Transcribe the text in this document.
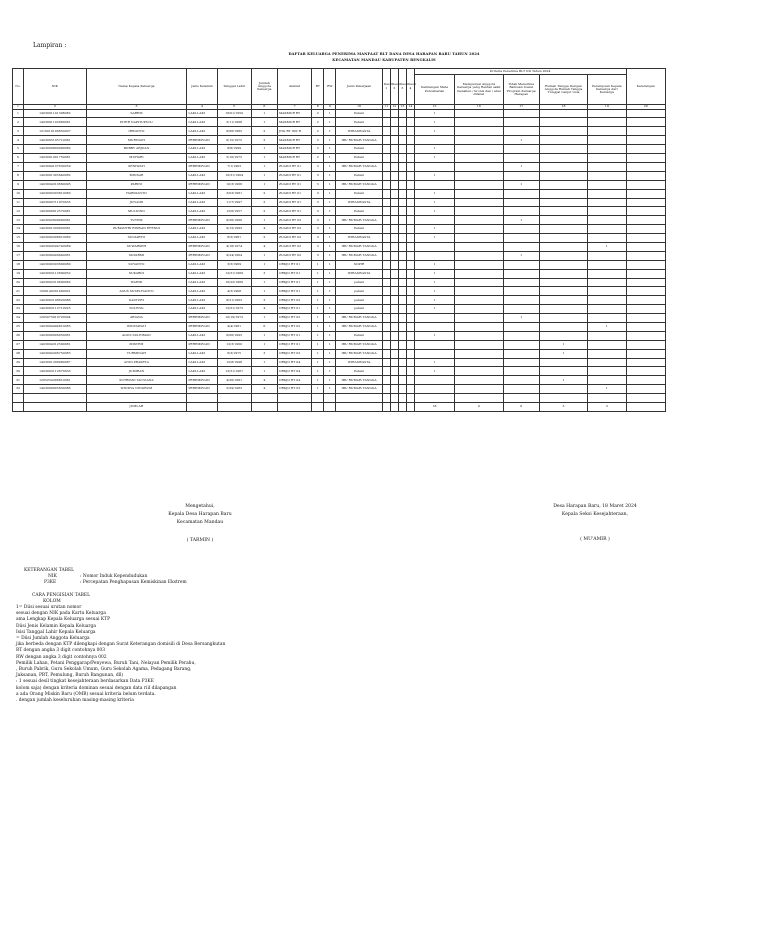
Lampiran :
DAFTAR KELUARGA PENERIMA MANFAAT BLT DANA DESA HARAPAN BARU TAHUN 2024
KECAMATAN MANDAU KABUPATEN BENGKALIS
No.	NIK	Nama Kepala Keluarga	Jenis Kelamin	Tanggal Lahir	Jumlah Anggota Keluarga	Alamat	RT	RW	Jenis Pekerjaan	Desil 1	Desil 2	Desil 3	Desil 4	Kriteria Penerima BLT DD Tahun 2024					Keterangan
														Kehilangan Mata Pencaharian	Mempunyai Anggota Keluarga yang Rentan sakit menahun / kronis dan / atau difabel	Tidak Menerima Bantuan Sosial Program Keluarga Harapan	Rumah Tangga Dengan Anggota Rumah Tangga Tunggal Lanjut Usia	Perempuan Kepala Keluarga dari Keluarga	
1	2	3	4	5	6	7	8	9	10	11	12	13	14	15	16	17	18	19	20
1	1403091101308082	SAREM	LAKI-LAKI	16/01/1950	1	MAKMUR RT	2	1	Petani					1					
2	1403091102680081	PITER NAPITUPULU	LAKI-LAKI	2/11/1968	1	MAKMUR RT	2	1	Petani					1					
3	1216010106850007	IRWANTO	LAKI-LAKI	6/06/1985	2	JNG RT 002 R	2	1	WIRASWASTA					1					
4	1403095105710081	MURNIATI	PEREMPUAN	6/15/1975	2	MAKMUR RT	2	1	IBU RUMAH TANGGA							1			
5	1403090800990082	BOBBY ARJUAN	LAKI-LAKI	8/8/1999	1	MAKMUR RT	2	1	Petani					1					
6	1403091001750081	MUHARI	LAKI-LAKI	5/10/1975	1	MAKMUR RT	2	1	Petani					1					
7	1403094107630059	SENIWATI	PEREMPUAN	7/1/1963	1	ZUAIDI RT 01	3	1	IBU RUMAH TANGGA							1			
8	1403091305640082	MINSAR	LAKI-LAKI	10/31/1964	1	ZUAIDI RT 01	3	1	Petani					1					
9	1403094310660095	PARINI	PEREMPUAN	10/3/1966	1	ZUAIDI RT 01	3	1	IBU RUMAH TANGGA							1			
10	1403090303810080	HARDIANTO	LAKI-LAKI	3/03/1981	2	ZUAIDI RT 01	3	1	Petani					1					
11	1403090711970035	JUNAIDI	LAKI-LAKI	11/7/1997	2	ZUAIDI RT 01	3	1	WIRASWASTA					1					
12	1403090612570081	MULIONO	LAKI-LAKI	12/6/1957	2	ZUAIDI RT 01	3	1	Petani					1					
13	1403092609600081	TUYEM	PEREMPUAN	9/26/1960	1	ZUAIDI RT 02	3	1	IBU RUMAH TANGGA							1			
14	1403091209920081	ZUMANTRI RISWAN EFENDI	LAKI-LAKI	9/12/1992	4	ZUAIDI RT 02	3	1	Petani					1					
15	1403090308810080	SUGIARTO	LAKI-LAKI	8/3/1981	2	ZUAIDI RT 02	3	1	WIRASWASTA					1					
16	1403094504740089	SUWARSEH	PEREMPUAN	4/16/1974	4	ZUAIDI RT 02	3	1	IBU RUMAH TANGGA									1	
17	1403096409640081	SUPARMI	PEREMPUAN	9/24/1964	1	ZUAIDI RT 02	3	1	IBU RUMAH TANGGA							1			
18	1403090303690080	SUYANTO	LAKI-LAKI	3/3/1969	1	ORKJO RT 01	1	1	SOPIR					1					
19	1403093112690052	SUKARDI	LAKI-LAKI	12/31/1969	3	ORKJO RT 01	1	1	WIRASWASTA					1					
20	1403092210600082	WAHID	LAKI-LAKI	10/22/1960	1	ORKJO RT 01	1	1	petani					1					
21	1209140201460001	AGUS SUSELIYANTO	LAKI-LAKI	4/3/1968	1	ORKJO RT 01	1	1	petani					1					
22	1403092108620086	KASTURI	LAKI-LAKI	8/21/1962	3	ORKJO RT 02	1	1	petani					1					
23	1403093112710025	SULENG	LAKI-LAKI	12/31/1975	4	ORKJO RT 01	1	1	petani					1					
24	1205075910720004	ARIANA	PEREMPUAN	10/19/1972	1	ORKJO RT 02	1	1	IBU RUMAH TANGGA							1			
25	1403094404810085	WIDYAWATI	PEREMPUAN	4/4/1981	6	ORKJO RT 02	1	1	IBU RUMAH TANGGA									1	
26	1403090606950081	AGUS SULEIMAN	LAKI-LAKI	6/06/1995	1	ORKJO RT 01	1	1	Petani					1					
27	1403094312590081	MISTEM	PEREMPUAN	12/3/1960	1	ORKJO RT 01	1	1	IBU RUMAH TANGGA								1		
28	1403094306750083	TURMINAH	LAKI-LAKI	6/3/1975	3	ORKJO RT 02	1	1	IBU RUMAH TANGGA								1		
29	1403091208980087	ANDI PRASETA	LAKI-LAKI	12/8/1998	1	ORKJO RT 04	1	1	WIRASWASTA					1					
30	1403093112670033	JUMIRAN	LAKI-LAKI	12/31/1967	1	ORKJO RT 04	1	1	Petani					1					
31	1205254306810081	SUTRISNI SULYIANA	PEREMPUAN	4/26/1981	4	ORKJO RT 04	1	1	IBU RUMAH TANGGA								1		
32	1403096905830086	WINDYA NINGRUM	PEREMPUAN	5/29/1983	4	ORKJO RT 03	1	1	IBU RUMAH TANGGA									1	

		JUMLAH												18	0	6	3	3	
Mengetahui,
Kepala Desa Harapan Baru
Kecamatan Mandau
( TARMIN )
Desa Harapan Baru, 18 Maret 2024
Kepala Seksi Kesejahteraan,
( MU'AMIR )
KETERANGAN TABEL
NIK	: Nomor Induk Kependudukan
P3KE	: Percepatan Penghapusan Kemiskinan Ekstrem
CARA PENGISIAN TABEL
KOLOM
1= Diisi sesuai urutan nomor
sesuai dengan NIK pada Kartu Keluarga
ama Lengkap Kepala Keluarga sesuai KTP
Diisi Jenis Kelamin Kepala Keluarga
Isisi Tanggal Lahir Kepala Keluarga
= Diisi Jumlah Anggota Keluarga
jika berbeda dengan KTP dilengkapi dengan Surat Keterangan domisili di Desa Bersangkutan
RT dengan angka 3 digit contohnya 003
RW dengan angka 3 digit contohnya 002
Pemilik Lahan, Petani Penggarap/Penyewa, Buruh Tani, Nelayan Pemilik Perahu,
, Buruh Pabrik, Guru Sekolah Umum, Guru Sekolah Agama, Pedagang Barang,
Jaksanan, PRT, Pemulung, Buruh Bangunan, dll)
: 1 sesuai desil tingkat kesejahteraan berdasarkan Data P3KE
kolom saja) dengan kriteria dominan sesuai dengan data riil dilapangan
a ada Orang Miskin Baru (OMB) sesuai kriteria belum terdata.
. dengan jumlah keseluruhan masing-masing kriteria
